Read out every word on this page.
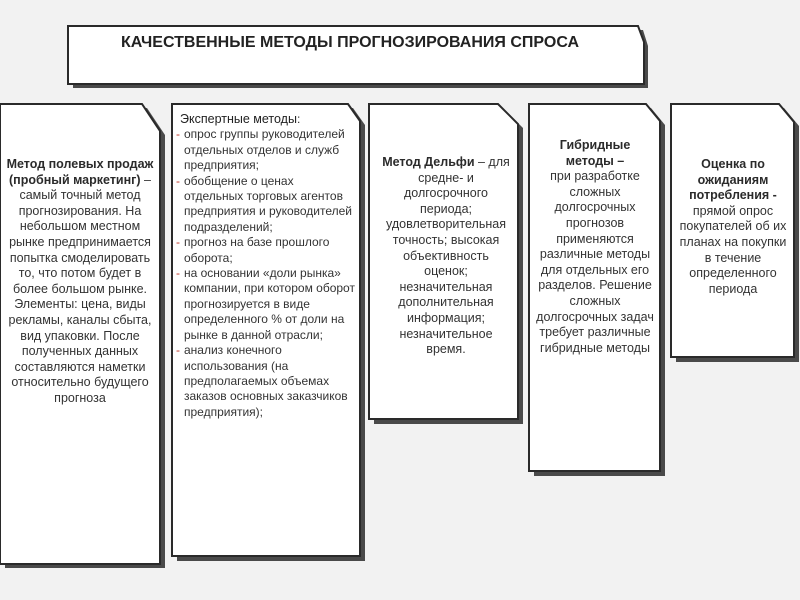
КАЧЕСТВЕННЫЕ МЕТОДЫ ПРОГНОЗИРОВАНИЯ СПРОСА
Метод полевых продаж (пробный маркетинг) – самый точный метод прогнозирования. На небольшом местном рынке предпринимается попытка смоделировать то, что потом будет в более большом рынке. Элементы: цена, виды рекламы, каналы сбыта, вид упаковки. После полученных данных составляются наметки относительно будущего прогноза
Экспертные методы:
- опрос группы руководителей отдельных отделов и служб предприятия;
- обобщение о ценах отдельных торговых агентов предприятия и руководителей подразделений;
- прогноз на базе прошлого оборота;
- на основании «доли рынка» компании, при котором оборот прогнозируется в виде определенного % от доли на рынке в данной отрасли;
- анализ конечного использования (на предполагаемых объемах заказов основных заказчиков предприятия);
Метод Дельфи – для средне- и долгосрочного периода; удовлетворительная точность; высокая объективность оценок; незначительная дополнительная информация; незначительное время.
Гибридные методы –
при разработке сложных долгосрочных прогнозов применяются различные методы для отдельных его разделов. Решение сложных долгосрочных задач требует различные гибридные методы
Оценка по ожиданиям потребления - прямой опрос покупателей об их планах на покупки в течение определенного периода
